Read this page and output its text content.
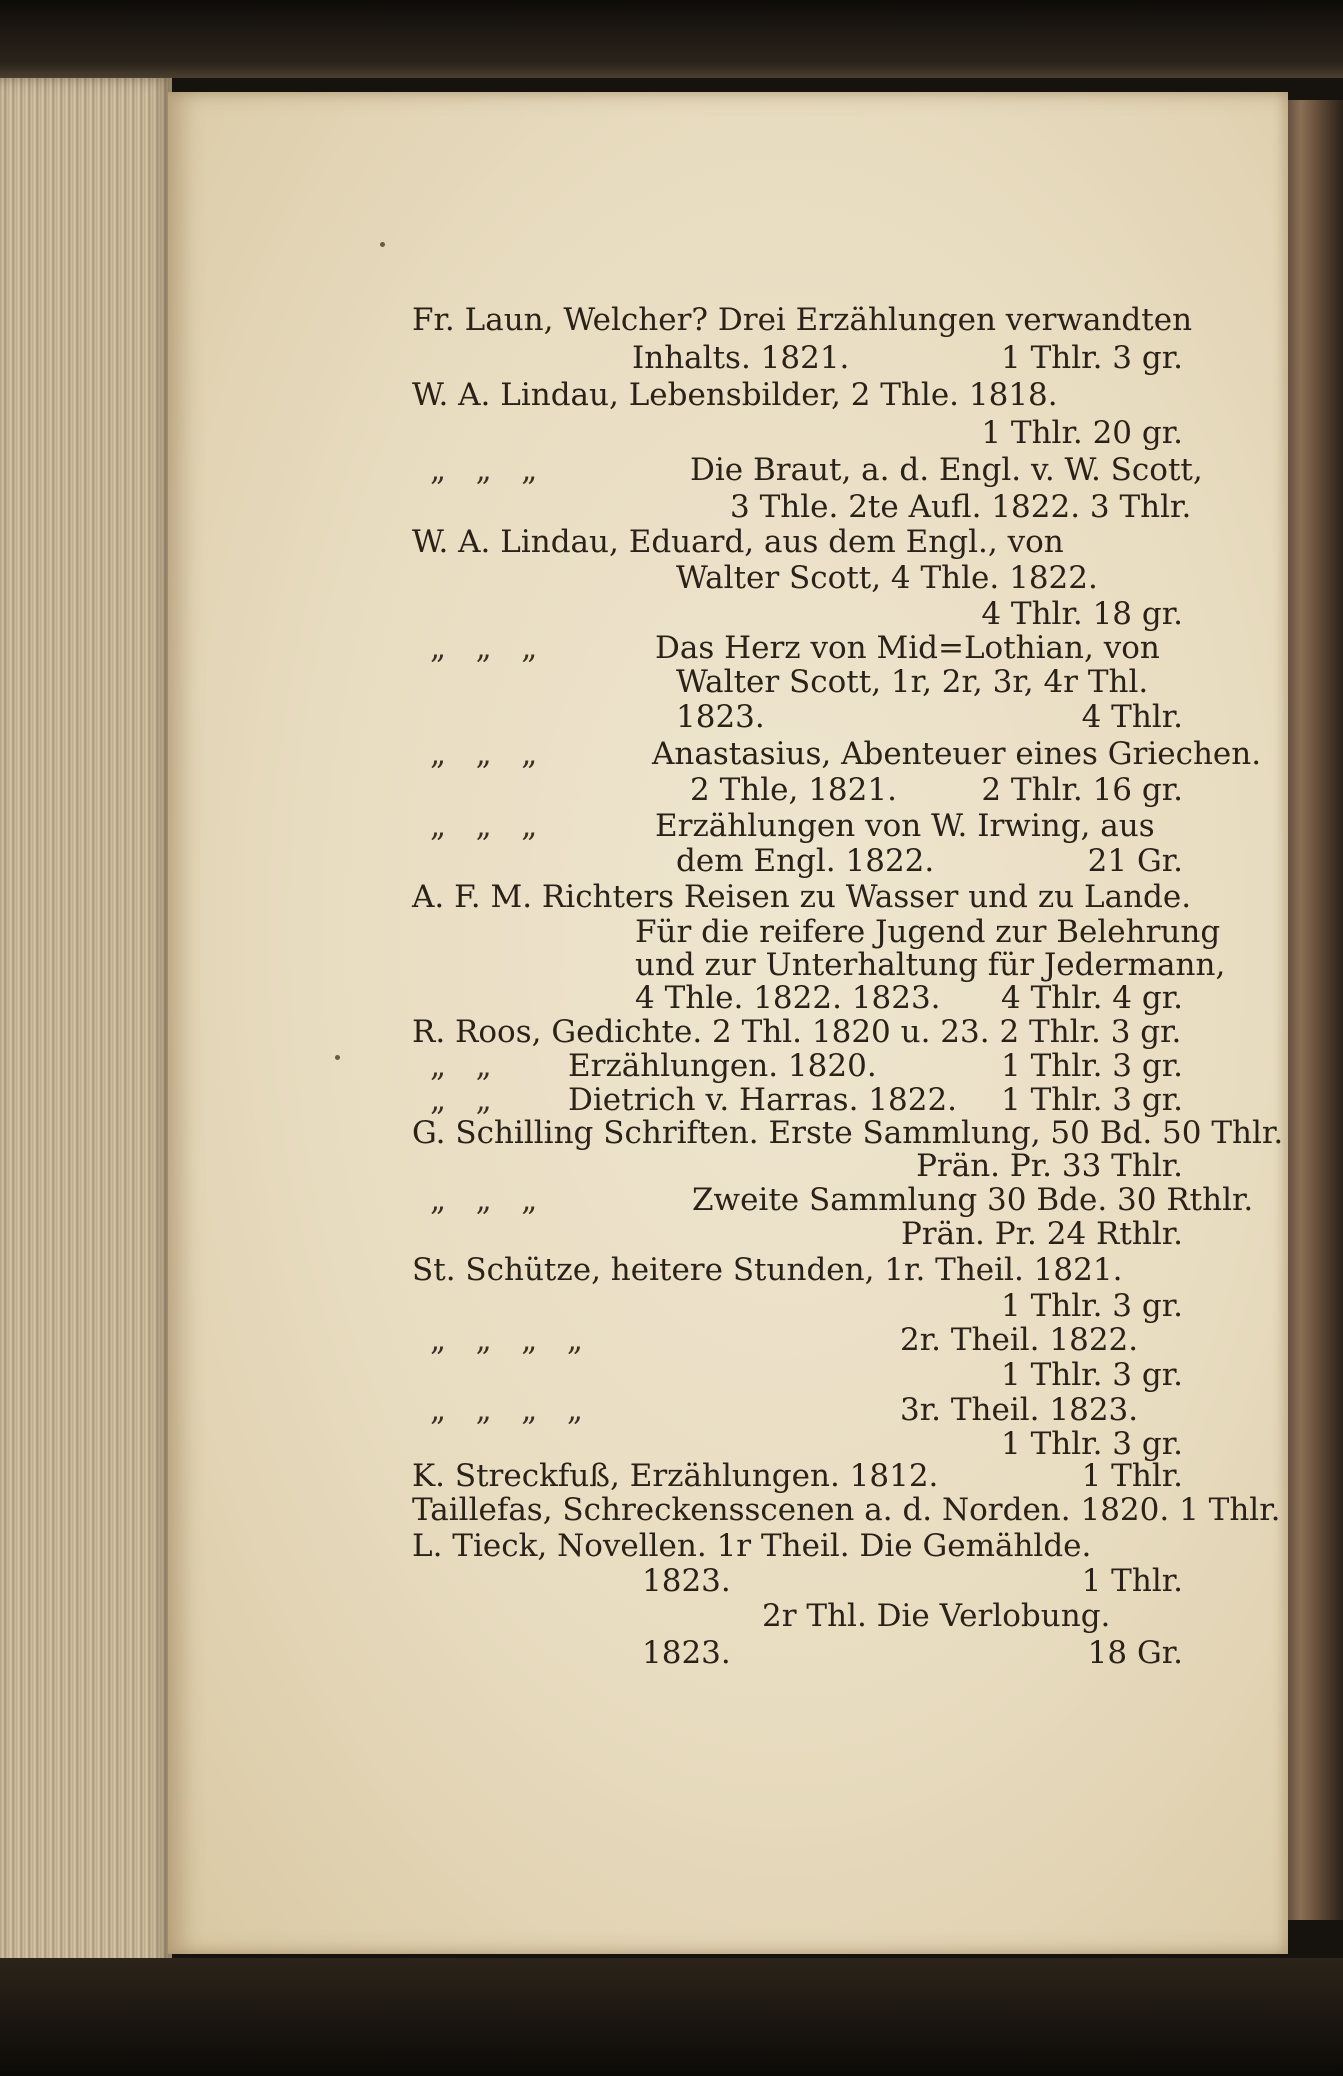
Fr. Laun, Welcher? Drei Erzählungen verwandten
Inhalts. 1821.	1 Thlr. 3 gr.
W. A. Lindau, Lebensbilder, 2 Thle. 1818.
1 Thlr. 20 gr.
„   „   „	Die Braut, a. d. Engl. v. W. Scott,
3 Thle. 2te Aufl. 1822. 3 Thlr.
W. A. Lindau, Eduard, aus dem Engl., von
Walter Scott, 4 Thle. 1822.
4 Thlr. 18 gr.
„   „   „	Das Herz von Mid=Lothian, von
Walter Scott, 1r, 2r, 3r, 4r Thl.
1823.	4 Thlr.
„   „   „	Anastasius, Abenteuer eines Griechen.
2 Thle, 1821.	2 Thlr. 16 gr.
„   „   „	Erzählungen von W. Irwing, aus
dem Engl. 1822.	21 Gr.
A. F. M. Richters Reisen zu Wasser und zu Lande.
Für die reifere Jugend zur Belehrung
und zur Unterhaltung für Jedermann,
4 Thle. 1822. 1823. 4 Thlr. 4 gr.
R. Roos, Gedichte. 2 Thl. 1820 u. 23. 2 Thlr. 3 gr.
„   „ Erzählungen. 1820.	1 Thlr. 3 gr.
„   „ Dietrich v. Harras. 1822. 1 Thlr. 3 gr.
G. Schilling Schriften. Erste Sammlung, 50 Bd. 50 Thlr.
Prän. Pr. 33 Thlr.
„   „   „	Zweite Sammlung 30 Bde. 30 Rthlr.
Prän. Pr. 24 Rthlr.
St. Schütze, heitere Stunden, 1r. Theil. 1821.
1 Thlr. 3 gr.
„   „   „   „	2r. Theil. 1822.
1 Thlr. 3 gr.
„   „   „   „	3r. Theil. 1823.
1 Thlr. 3 gr.
K. Streckfuß, Erzählungen. 1812.	1 Thlr.
Taillefas, Schreckensscenen a. d. Norden. 1820. 1 Thlr.
L. Tieck, Novellen. 1r Theil. Die Gemählde.
1823.	1 Thlr.
2r Thl. Die Verlobung.
1823.	18 Gr.
